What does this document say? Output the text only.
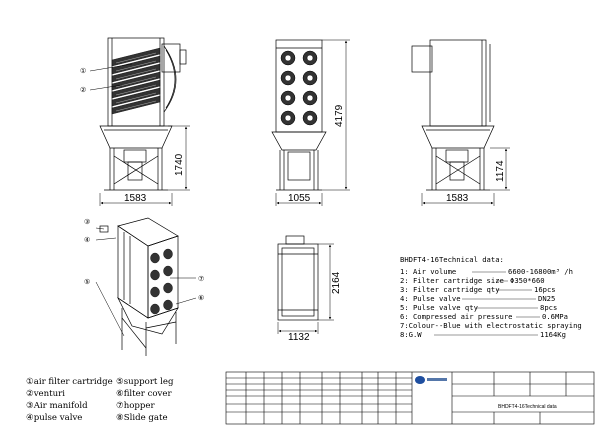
①
②
1583
1740
1055
4179
1583
1174
③
④
⑦
⑤
⑥
1132
2164
BHDFT4-16Technical data:
1: Air volume	6600-16800m³ /h
2: Filter cartridge size Φ350*660
3: Filter cartridge qty	16pcs
4: Pulse valve	DN25
5: Pulse valve qty	8pcs
6: Compressed air pressure	0.6MPa
7:Colour--Blue with electrostatic spraying
8:G.W	1164Kg
①air filter cartridge
②venturi
③Air manifold
④pulse valve
⑤support leg
⑥filter cover
⑦hopper
⑧Slide gate
BHDFT4-16Technical data
